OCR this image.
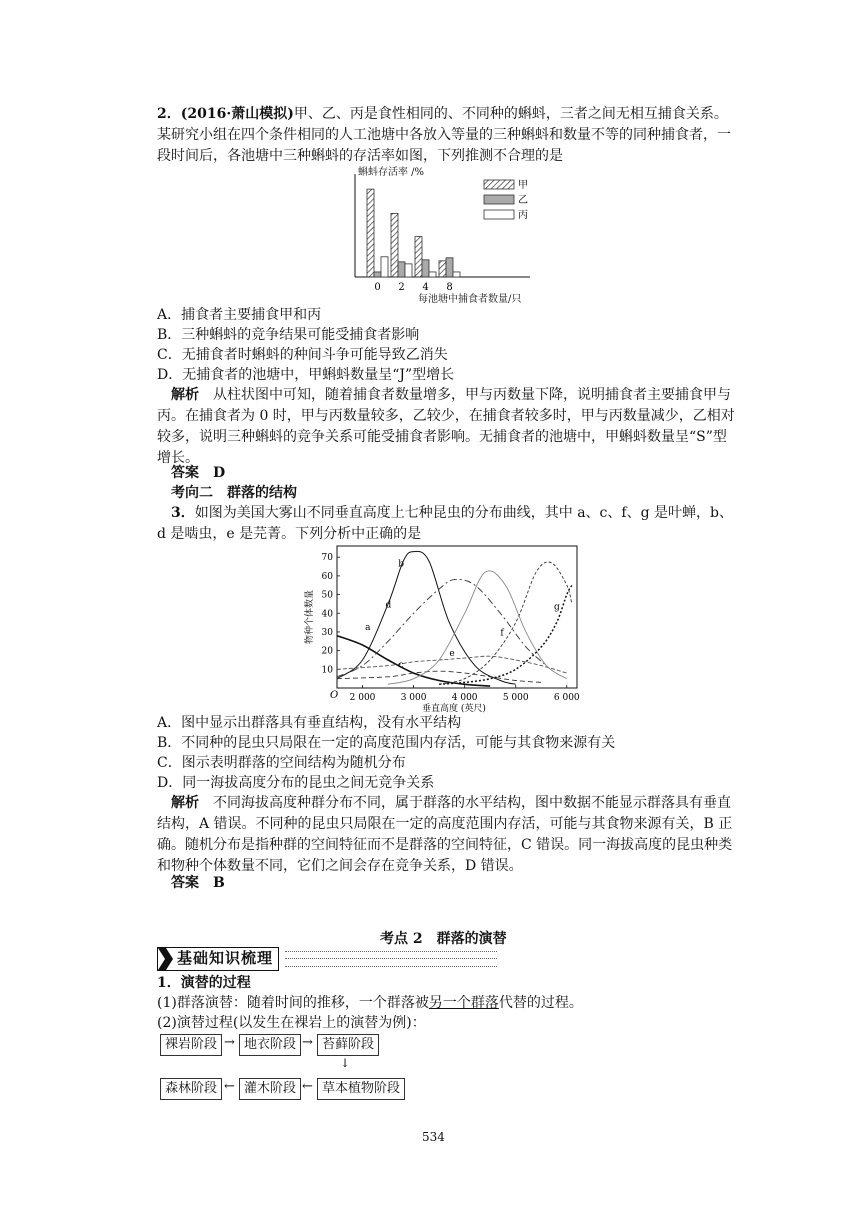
2．(2016·萧山模拟)甲、乙、丙是食性相同的、不同种的蝌蚪，三者之间无相互捕食关系。某研究小组在四个条件相同的人工池塘中各放入等量的三种蝌蚪和数量不等的同种捕食者，一段时间后，各池塘中三种蝌蚪的存活率如图，下列推测不合理的是

蝌蚪存活率 /%
0 2 4 8
每池塘中捕食者数量/只
甲
乙
丙
A．捕食者主要捕食甲和丙
B．三种蝌蚪的竞争结果可能受捕食者影响
C．无捕食者时蝌蚪的种间斗争可能导致乙消失
D．无捕食者的池塘中，甲蝌蚪数量呈“J”型增长

解析　 从柱状图中可知，随着捕食者数量增多，甲与丙数量下降，说明捕食者主要捕食甲与丙。在捕食者为 0 时，甲与丙数量较多，乙较少，在捕食者较多时，甲与丙数量减少，乙相对较多，说明三种蝌蚪的竞争关系可能受捕食者影响。无捕食者的池塘中，甲蝌蚪数量呈“S”型增长。

答案　 D
考向二　群落的结构

3．如图为美国大雾山不同垂直高度上七种昆虫的分布曲线，其中 a、c、f、g 是叶蝉，b、d 是啮虫，e 是芫菁。下列分析中正确的是

物种个体数量
10
20
30
40
50
60
70
2 000	3 000	4 000	5 000	6 000
a
b
c
d
e
f
g
O
垂直高度 (英尺)
A．图中显示出群落具有垂直结构，没有水平结构
B．不同种的昆虫只局限在一定的高度范围内存活，可能与其食物来源有关
C．图示表明群落的空间结构为随机分布
D．同一海拔高度分布的昆虫之间无竞争关系

解析　 不同海拔高度种群分布不同，属于群落的水平结构，图中数据不能显示群落具有垂直结构，A 错误。不同种的昆虫只局限在一定的高度范围内存活，可能与其食物来源有关，B 正确。随机分布是指种群的空间特征而不是群落的空间特征，C 错误。同一海拔高度的昆虫种类和物种个体数量不同，它们之间会存在竞争关系，D 错误。

答案　 B
考点 2　群落的演替
基础知识梳理
1．演替的过程
(1)群落演替：随着时间的推移，一个群落被另一个群落代替的过程。
(2)演替过程(以发生在裸岩上的演替为例)：
裸岩阶段 → 地衣阶段 → 苔藓阶段
↓
草本植物阶段
←
灌木阶段
←
森林阶段
534
